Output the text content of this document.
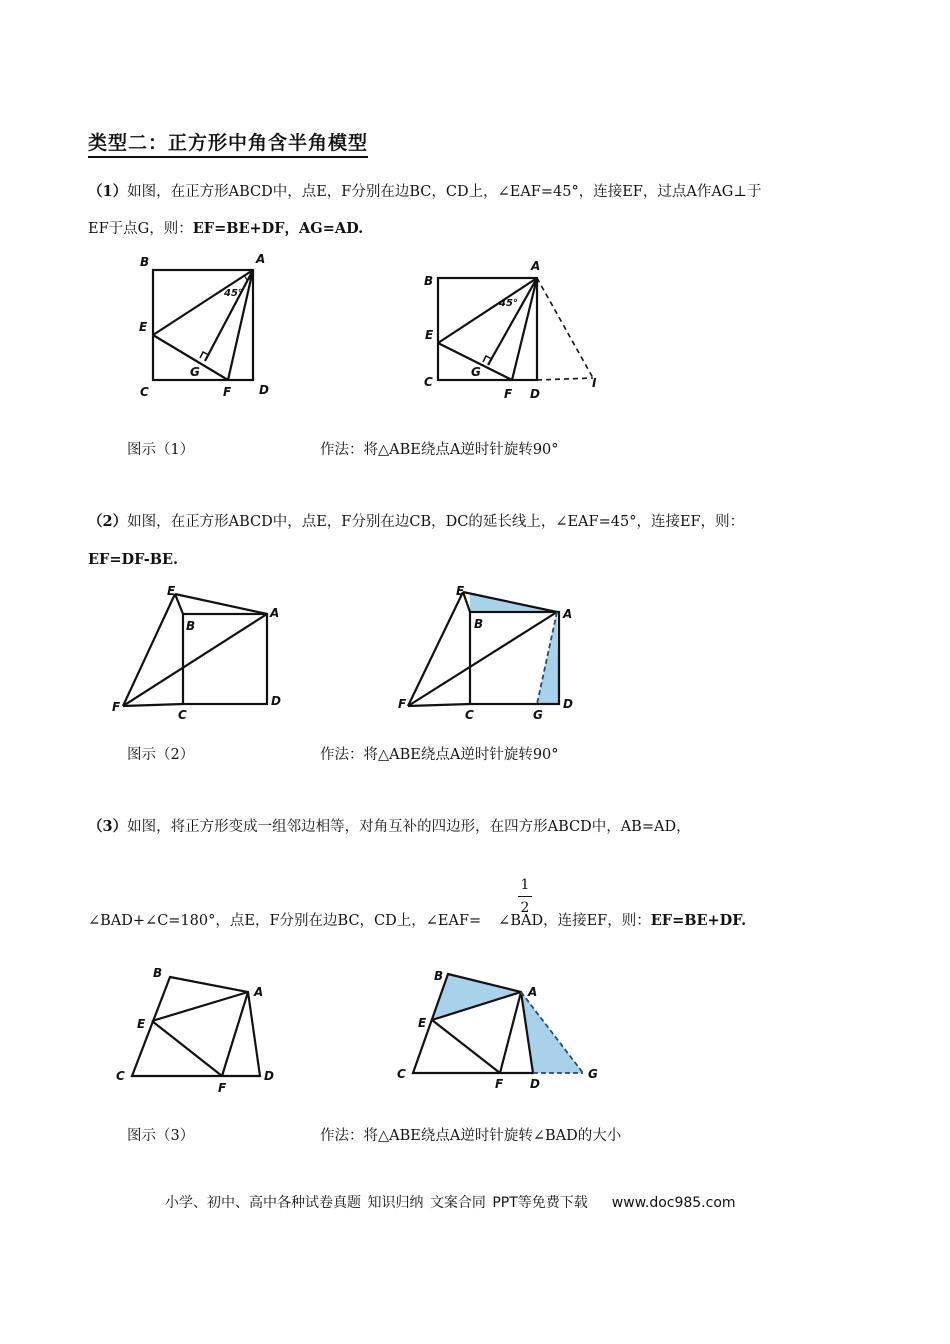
类型二：正方形中角含半角模型
（1）如图，在正方形ABCD中，点E，F分别在边BC，CD上，∠EAF=45°，连接EF，过点A作AG⊥于
EF于点G，则：EF=BE+DF，AG=AD.
B	A
45°
E
G
C	F D
B
A
45°
E
G
C
F D
I
图示（1）	作法：将△ABE绕点A逆时针旋转90°
（2）如图，在正方形ABCD中，点E，F分别在边CB，DC的延长线上，∠EAF=45°，连接EF，则：
EF=DF-BE.
E
B
A
F
C
D
E
B
A
F
C	G
D
图示（2）	作法：将△ABE绕点A逆时针旋转90°
（3）如图，将正方形变成一组邻边相等，对角互补的四边形，在四方形ABCD中，AB=AD，
1
2
∠BAD+∠C=180°，点E，F分别在边BC，CD上，∠EAF= ∠BAD，连接EF，则：EF=BE+DF.
B
A
E
C
F
D
B
A
E
C
F D
G
图示（3）	作法：将△ABE绕点A逆时针旋转∠BAD的大小
小学、初中、高中各种试卷真题 知识归纳 文案合同 PPT等免费下载 www.doc985.com
